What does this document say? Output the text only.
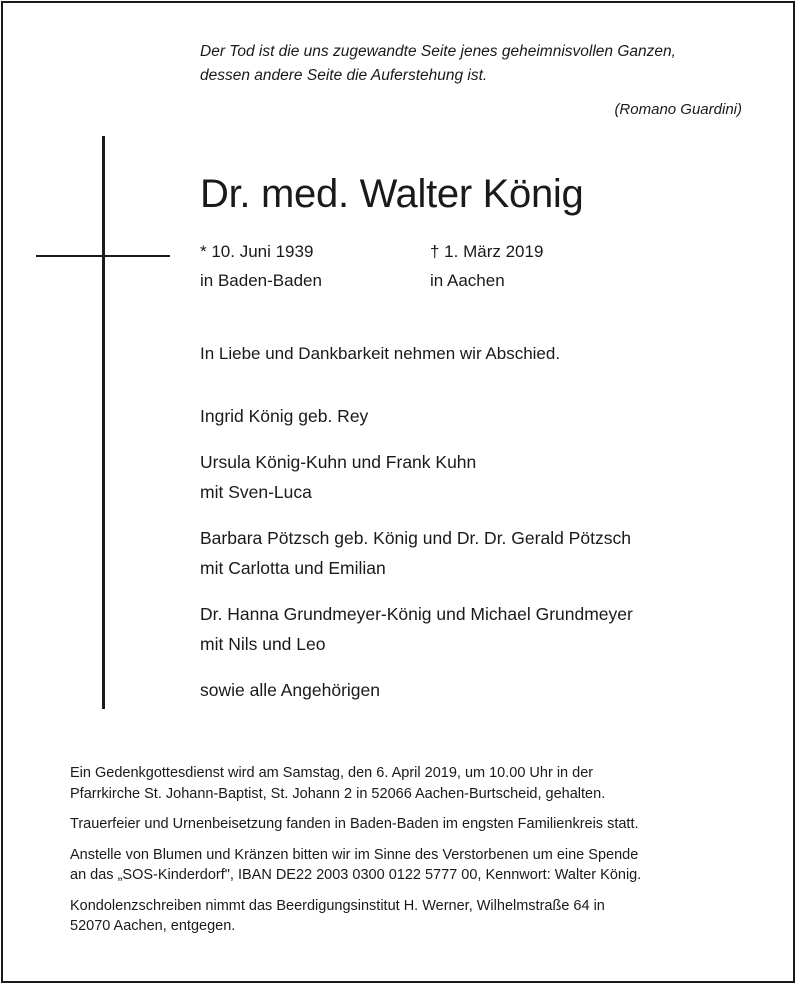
Der Tod ist die uns zugewandte Seite jenes geheimnisvollen Ganzen,
dessen andere Seite die Auferstehung ist.
(Romano Guardini)
Dr. med. Walter König
* 10. Juni 1939
in Baden-Baden
† 1. März 2019
in Aachen
In Liebe und Dankbarkeit nehmen wir Abschied.
Ingrid König geb. Rey
Ursula König-Kuhn und Frank Kuhn
mit Sven-Luca
Barbara Pötzsch geb. König und Dr. Dr. Gerald Pötzsch
mit Carlotta und Emilian
Dr. Hanna Grundmeyer-König und Michael Grundmeyer
mit Nils und Leo
sowie alle Angehörigen
Ein Gedenkgottesdienst wird am Samstag, den 6. April 2019, um 10.00 Uhr in der
Pfarrkirche St. Johann-Baptist, St. Johann 2 in 52066 Aachen-Burtscheid, gehalten.
Trauerfeier und Urnenbeisetzung fanden in Baden-Baden im engsten Familienkreis statt.
Anstelle von Blumen und Kränzen bitten wir im Sinne des Verstorbenen um eine Spende
an das „SOS-Kinderdorf", IBAN DE22 2003 0300 0122 5777 00, Kennwort: Walter König.
Kondolenzschreiben nimmt das Beerdigungsinstitut H. Werner, Wilhelmstraße 64 in
52070 Aachen, entgegen.
